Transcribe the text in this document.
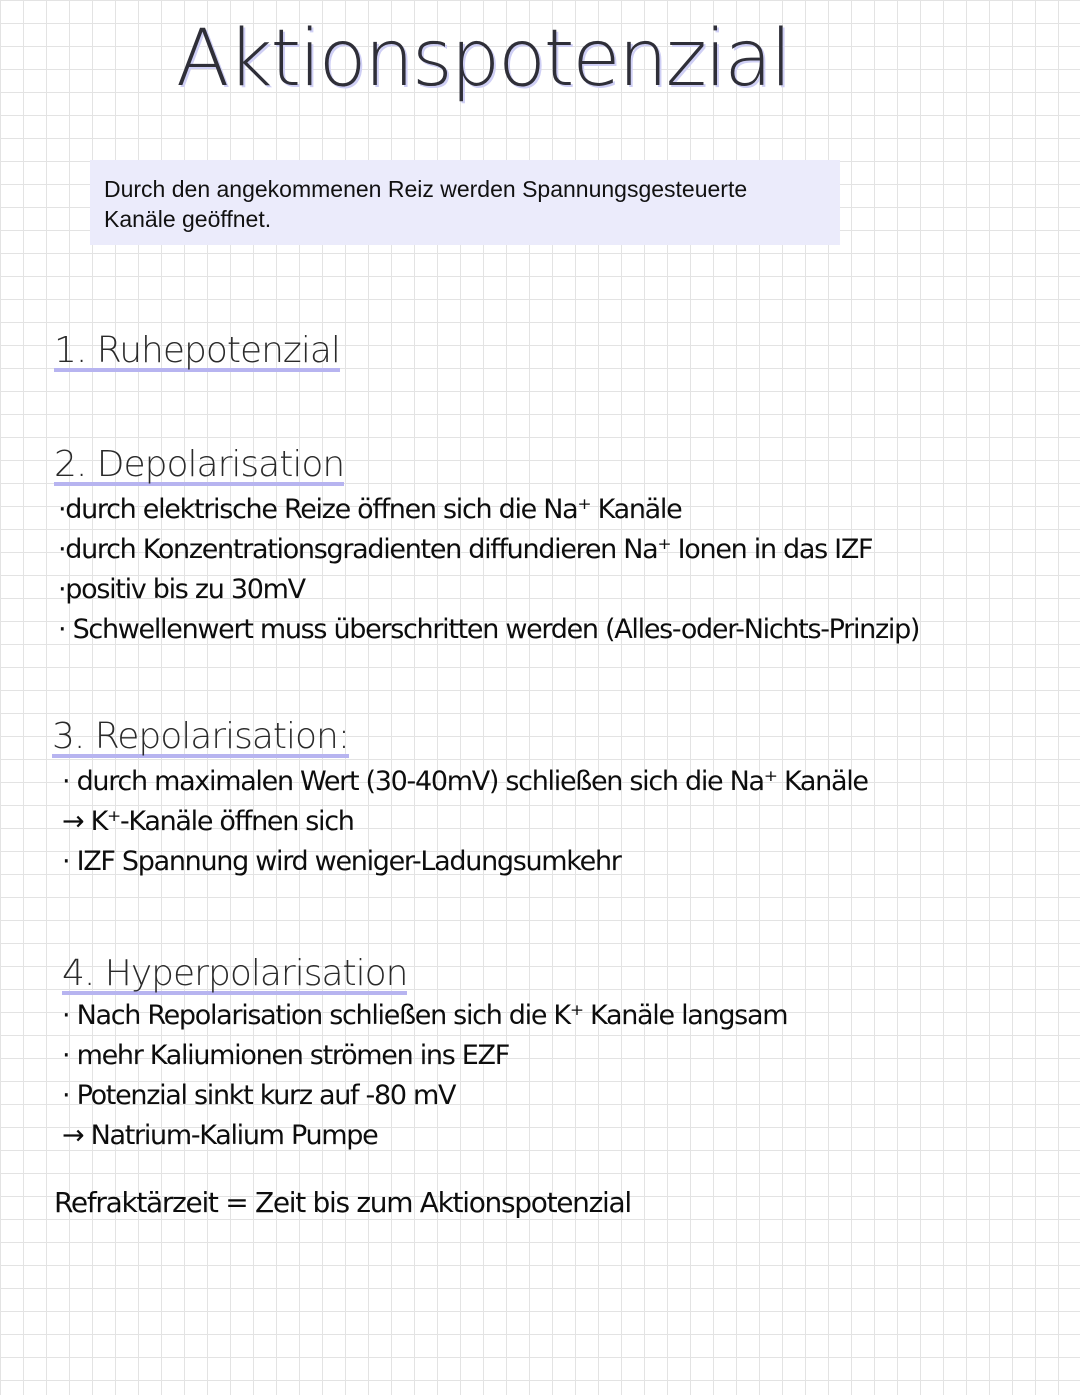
Aktionspotenzial
Durch den angekommenen Reiz werden Spannungsgesteuerte Kanäle geöffnet.
1. Ruhepotenzial
2. Depolarisation
·durch elektrische Reize öffnen sich die Na⁺ Kanäle
·durch Konzentrationsgradienten diffundieren Na⁺ Ionen in das IZF
·positiv bis zu 30mV
· Schwellenwert muss überschritten werden (Alles-oder-Nichts-Prinzip)
3. Repolarisation:
· durch maximalen Wert (30-40mV) schließen sich die Na⁺ Kanäle
→ K⁺-Kanäle öffnen sich
· IZF Spannung wird weniger-Ladungsumkehr
4. Hyperpolarisation
· Nach Repolarisation schließen sich die K⁺ Kanäle langsam
· mehr Kaliumionen strömen ins EZF
· Potenzial sinkt kurz auf -80 mV
→ Natrium-Kalium Pumpe
Refraktärzeit = Zeit bis zum Aktionspotenzial
